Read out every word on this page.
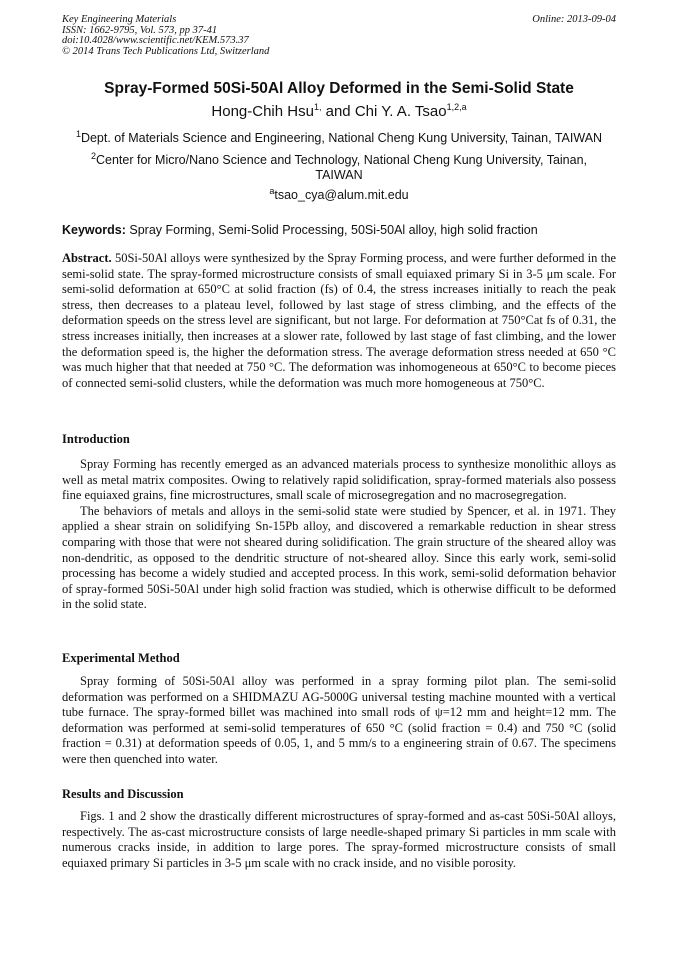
Key Engineering Materials
ISSN: 1662-9795, Vol. 573, pp 37-41
doi:10.4028/www.scientific.net/KEM.573.37
© 2014 Trans Tech Publications Ltd, Switzerland
Online: 2013-09-04
Spray-Formed 50Si-50Al Alloy Deformed in the Semi-Solid State
Hong-Chih Hsu$^{1,}$ and Chi Y. A. Tsao$^{1,2,a}$
$^1$Dept. of Materials Science and Engineering, National Cheng Kung University, Tainan, TAIWAN
$^2$Center for Micro/Nano Science and Technology, National Cheng Kung University, Tainan, TAIWAN
$^a$tsao_cya@alum.mit.edu
Keywords: Spray Forming, Semi-Solid Processing, 50Si-50Al alloy, high solid fraction

Abstract. 50Si-50Al alloys were synthesized by the Spray Forming process, and were further deformed in the semi-solid state. The spray-formed microstructure consists of small equiaxed primary Si in 3-5 μm scale. For semi-solid deformation at 650°C at solid fraction (fs) of 0.4, the stress increases initially to reach the peak stress, then decreases to a plateau level, followed by last stage of stress climbing, and the effects of the deformation speeds on the stress level are significant, but not large. For deformation at 750°Cat fs of 0.31, the stress increases initially, then increases at a slower rate, followed by last stage of fast climbing, and the lower the deformation speed is, the higher the deformation stress. The average deformation stress needed at 650 °C was much higher that that needed at 750 °C. The deformation was inhomogeneous at 650°C to become pieces of connected semi-solid clusters, while the deformation was much more homogeneous at 750°C.

Introduction

Spray Forming has recently emerged as an advanced materials process to synthesize monolithic alloys as well as metal matrix composites. Owing to relatively rapid solidification, spray-formed materials also possess fine equiaxed grains, fine microstructures, small scale of microsegregation and no macrosegregation.

The behaviors of metals and alloys in the semi-solid state were studied by Spencer, et al. in 1971. They applied a shear strain on solidifying Sn-15Pb alloy, and discovered a remarkable reduction in shear stress comparing with those that were not sheared during solidification. The grain structure of the sheared alloy was non-dendritic, as opposed to the dendritic structure of not-sheared alloy. Since this early work, semi-solid processing has become a widely studied and accepted process. In this work, semi-solid deformation behavior of spray-formed 50Si-50Al under high solid fraction was studied, which is otherwise difficult to be deformed in the solid state.

Experimental Method

Spray forming of 50Si-50Al alloy was performed in a spray forming pilot plan. The semi-solid deformation was performed on a SHIDMAZU AG-5000G universal testing machine mounted with a vertical tube furnace. The spray-formed billet was machined into small rods of ψ=12 mm and height=12 mm. The deformation was performed at semi-solid temperatures of 650 °C (solid fraction = 0.4) and 750 °C (solid fraction = 0.31) at deformation speeds of 0.05, 1, and 5 mm/s to a engineering strain of 0.67. The specimens were then quenched into water.

Results and Discussion

Figs. 1 and 2 show the drastically different microstructures of spray-formed and as-cast 50Si-50Al alloys, respectively. The as-cast microstructure consists of large needle-shaped primary Si particles in mm scale with numerous cracks inside, in addition to large pores. The spray-formed microstructure consists of small equiaxed primary Si particles in 3-5 μm scale with no crack inside, and no visible porosity.
